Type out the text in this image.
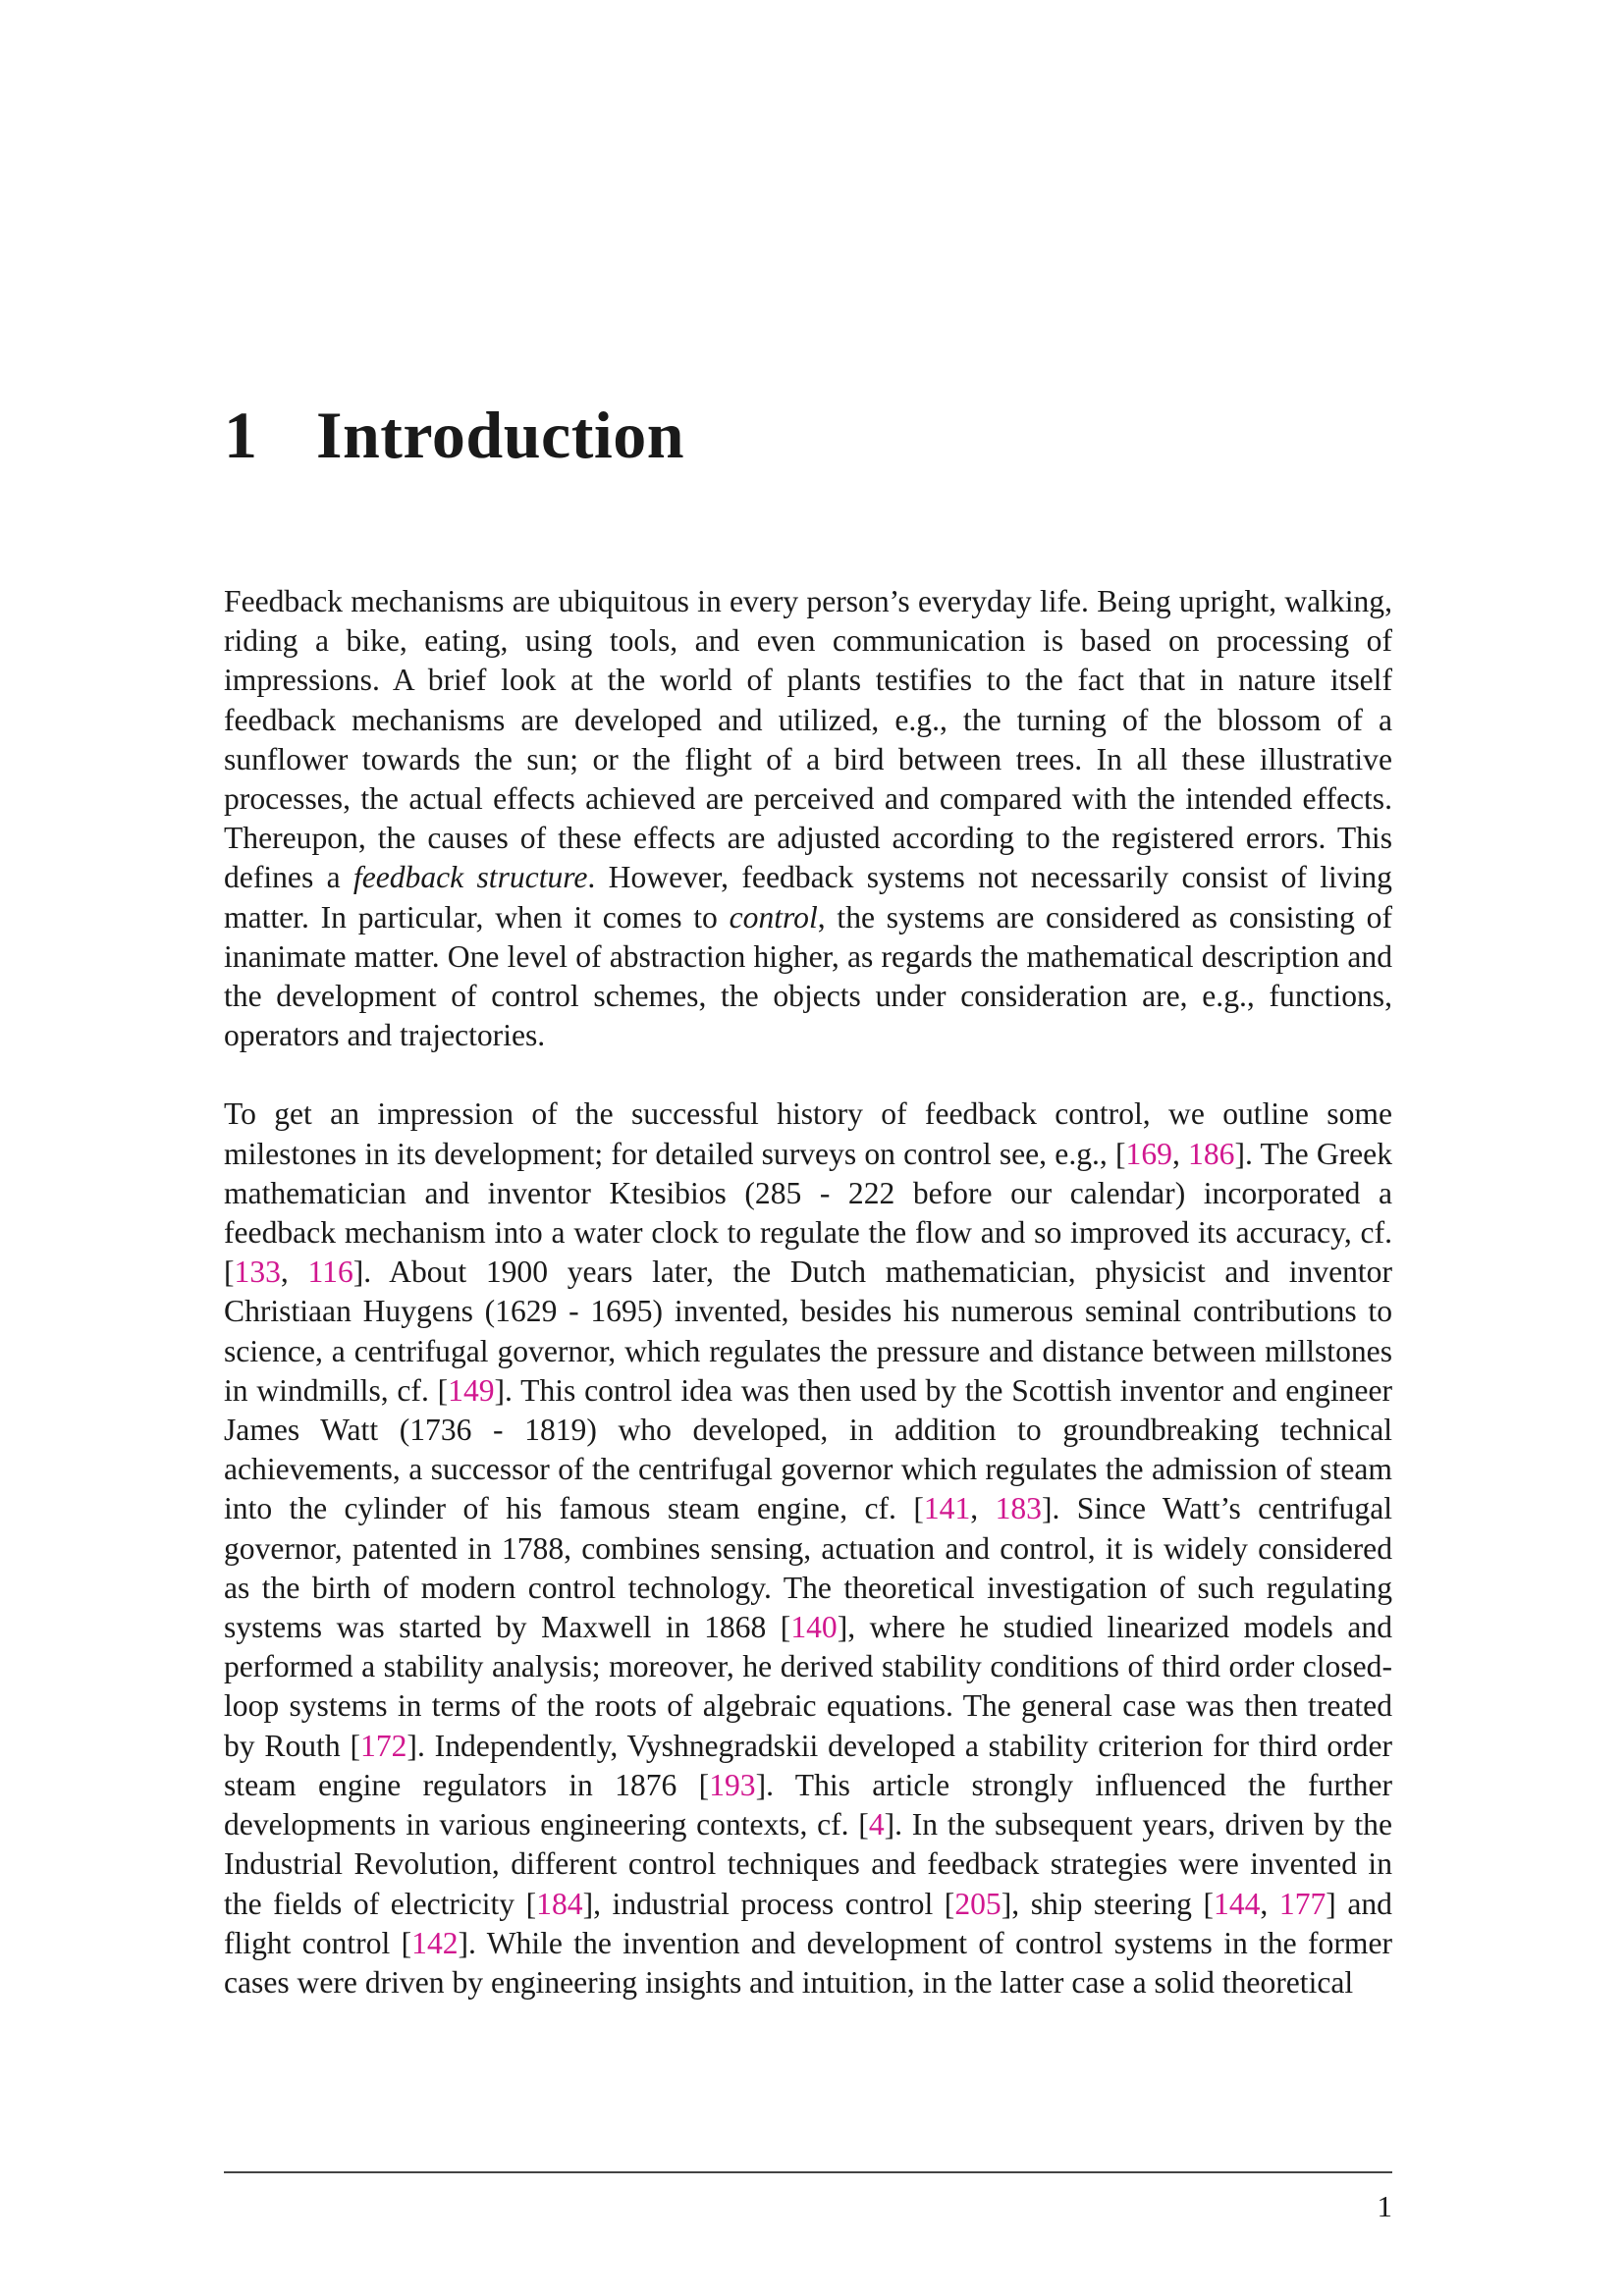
1 Introduction

Feedback mechanisms are ubiquitous in every person’s everyday life. Being upright, walking, riding a bike, eating, using tools, and even communication is based on processing of impressions. A brief look at the world of plants testifies to the fact that in nature itself feedback mechanisms are developed and utilized, e.g., the turning of the blossom of a sunflower towards the sun; or the flight of a bird between trees. In all these illustrative processes, the actual effects achieved are perceived and compared with the intended effects. Thereupon, the causes of these effects are adjusted according to the registered errors. This defines a feedback structure. However, feedback systems not necessarily consist of living matter. In particular, when it comes to control, the systems are considered as consisting of inanimate matter. One level of abstraction higher, as regards the mathematical description and the development of control schemes, the objects under consideration are, e.g., functions, operators and trajectories.

To get an impression of the successful history of feedback control, we outline some milestones in its development; for detailed surveys on control see, e.g., [169, 186]. The Greek mathematician and inventor Ktesibios (285 - 222 before our calendar) incorporated a feedback mechanism into a water clock to regulate the flow and so improved its accuracy, cf. [133, 116]. About 1900 years later, the Dutch mathematician, physicist and inventor Christiaan Huygens (1629 - 1695) invented, besides his numerous seminal contributions to science, a centrifugal governor, which regulates the pressure and distance between millstones in windmills, cf. [149]. This control idea was then used by the Scottish inventor and engineer James Watt (1736 - 1819) who developed, in addition to groundbreaking technical achievements, a successor of the centrifugal governor which regulates the admission of steam into the cylinder of his famous steam engine, cf. [141, 183]. Since Watt’s centrifugal governor, patented in 1788, combines sensing, actuation and control, it is widely considered as the birth of modern control technology. The theoretical investigation of such regulating systems was started by Maxwell in 1868 [140], where he studied linearized models and performed a stability analysis; moreover, he derived stability conditions of third order closed-loop systems in terms of the roots of algebraic equations. The general case was then treated by Routh [172]. Independently, Vyshnegradskii developed a stability criterion for third order steam engine regulators in 1876 [193]. This article strongly influenced the further developments in various engineering contexts, cf. [4]. In the subsequent years, driven by the Industrial Revolution, different control techniques and feedback strategies were invented in the fields of electricity [184], industrial process control [205], ship steering [144, 177] and flight control [142]. While the invention and development of control systems in the former cases were driven by engineering insights and intuition, in the latter case a solid theoretical

1
